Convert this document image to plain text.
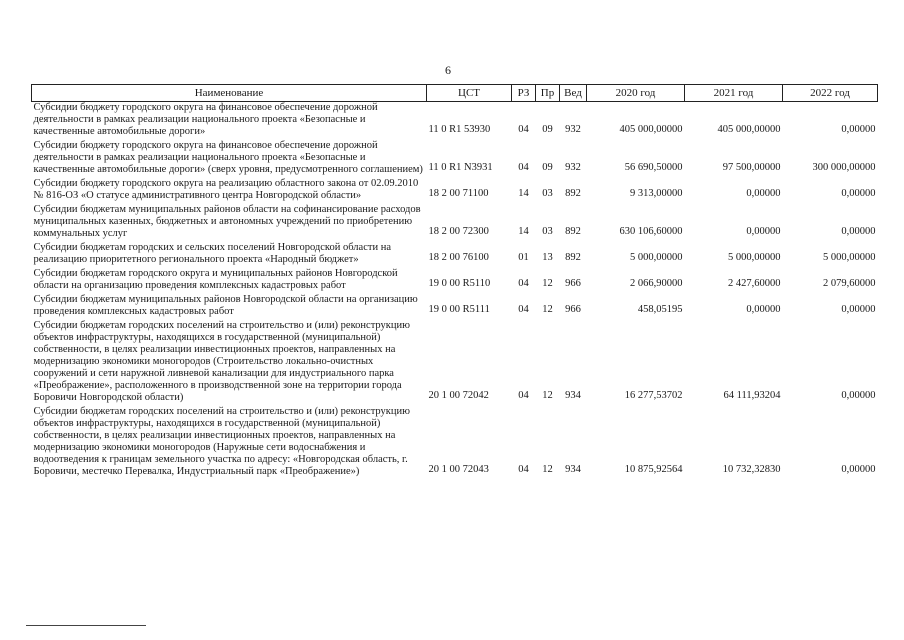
6
Наименование	ЦСТ	РЗ	Пр	Вед	2020 год	2021 год	2022 год
Субсидии бюджету городского округа на финансовое обеспечение дорожной деятельности в рамках реализации национального проекта «Безопасные и качественные автомобильные дороги»	11 0 R1 53930	04	09	932	405 000,00000	405 000,00000	0,00000
Субсидии бюджету городского округа на финансовое обеспечение дорожной деятельности в рамках реализации национального проекта «Безопасные и качественные автомобильные дороги» (сверх уровня, предусмотренного соглашением)	11 0 R1 N3931	04	09	932	56 690,50000	97 500,00000	300 000,00000
Субсидии бюджету городского округа на реализацию областного закона от 02.09.2010 № 816-ОЗ «О статусе административного центра Новгородской области»	18 2 00 71100	14	03	892	9 313,00000	0,00000	0,00000
Субсидии бюджетам муниципальных районов области на софинансирование расходов муниципальных казенных, бюджетных и автономных учреждений по приобретению коммунальных услуг	18 2 00 72300	14	03	892	630 106,60000	0,00000	0,00000
Субсидии бюджетам городских и сельских поселений Новгородской области на реализацию приоритетного регионального проекта «Народный бюджет»	18 2 00 76100	01	13	892	5 000,00000	5 000,00000	5 000,00000
Субсидии бюджетам городского округа и муниципальных районов Новгородской области на организацию проведения комплексных кадастровых работ	19 0 00 R5110	04	12	966	2 066,90000	2 427,60000	2 079,60000
Субсидии бюджетам муниципальных районов Новгородской области на организацию проведения комплексных кадастровых работ	19 0 00 R5111	04	12	966	458,05195	0,00000	0,00000
Субсидии бюджетам городских поселений на строительство и (или) реконструкцию объектов инфраструктуры, находящихся в государственной (муниципальной) собственности, в целях реализации инвестиционных проектов, направленных на модернизацию экономики моногородов (Строительство локально-очистных сооружений и сети наружной ливневой канализации для индустриального парка «Преображение», расположенного в производственной зоне на территории города Боровичи Новгородской области)	20 1 00 72042	04	12	934	16 277,53702	64 111,93204	0,00000
Субсидии бюджетам городских поселений на строительство и (или) реконструкцию объектов инфраструктуры, находящихся в государственной (муниципальной) собственности, в целях реализации инвестиционных проектов, направленных на модернизацию экономики моногородов (Наружные сети водоснабжения и водоотведения к границам земельного участка по адресу: «Новгородская область, г. Боровичи, местечко Перевалка, Индустриальный парк «Преображение»)	20 1 00 72043	04	12	934	10 875,92564	10 732,32830	0,00000
